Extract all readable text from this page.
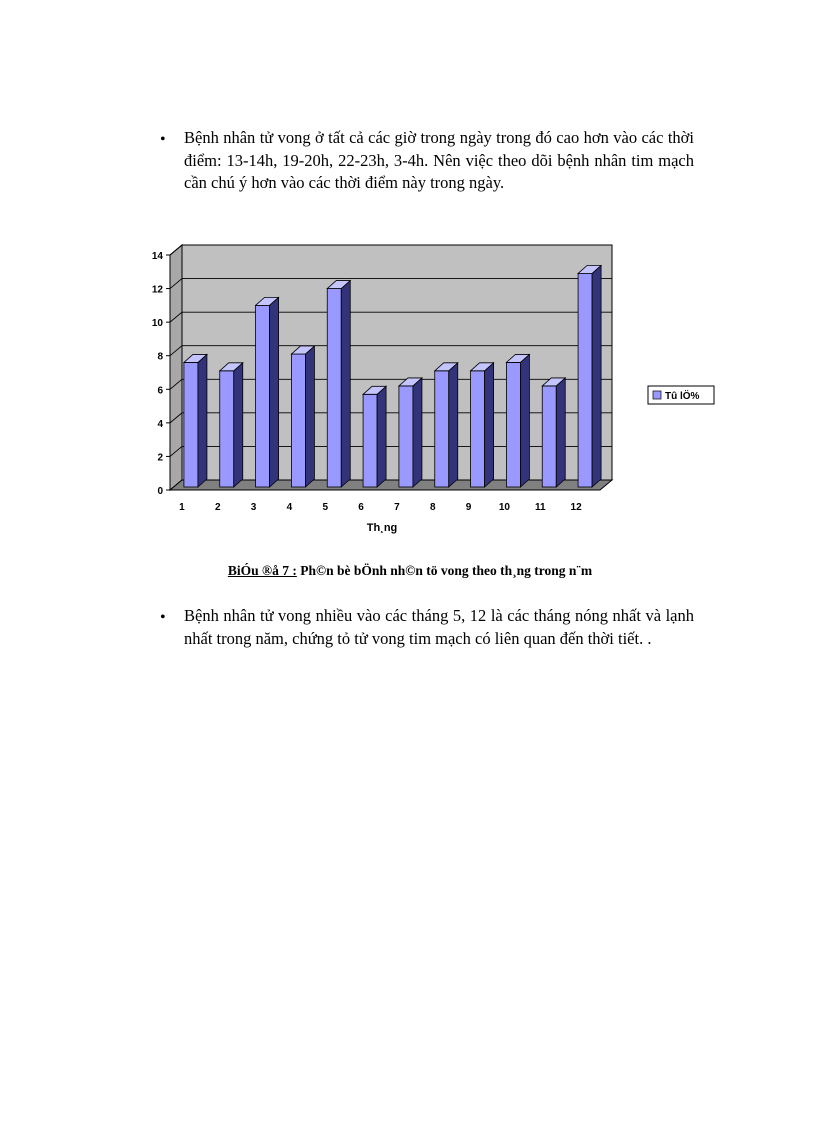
• Bệnh nhân tử vong ở tất cả các giờ trong ngày trong đó cao hơn vào các thời điểm: 13-14h, 19-20h, 22-23h, 3-4h. Nên việc theo dõi bệnh nhân tim mạch cần chú ý hơn vào các thời điểm này trong ngày.
0
2
4
6
8
10
12
14
1	2	3	4	5	6	7	8	9	10 11 12
Th¸ng
Tû lÖ%
BiÓu ®å 7 : Ph©n bè bÖnh nh©n tö vong theo th¸ng trong n¨m
• Bệnh nhân tử vong nhiều vào các tháng 5, 12 là các tháng nóng nhất và lạnh nhất trong năm, chứng tỏ tử vong tim mạch có liên quan đến thời tiết. .
